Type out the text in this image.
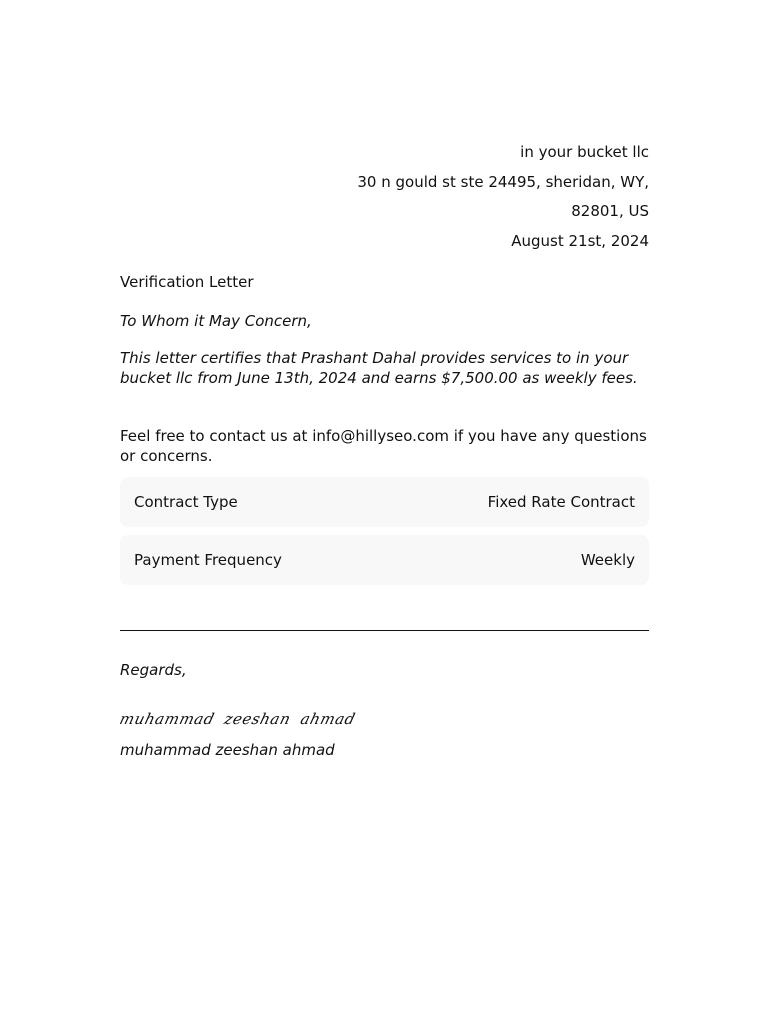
in your bucket llc
30 n gould st ste 24495, sheridan, WY,
82801, US
August 21st, 2024
Verification Letter
To Whom it May Concern,
This letter certifies that Prashant Dahal provides services to in your bucket llc from June 13th, 2024 and earns $7,500.00 as weekly fees.
Feel free to contact us at info@hillyseo.com if you have any questions or concerns.
Contract Type	Fixed Rate Contract
Payment Frequency	Weekly
Regards,
muhammad zeeshan ahmad
muhammad zeeshan ahmad
